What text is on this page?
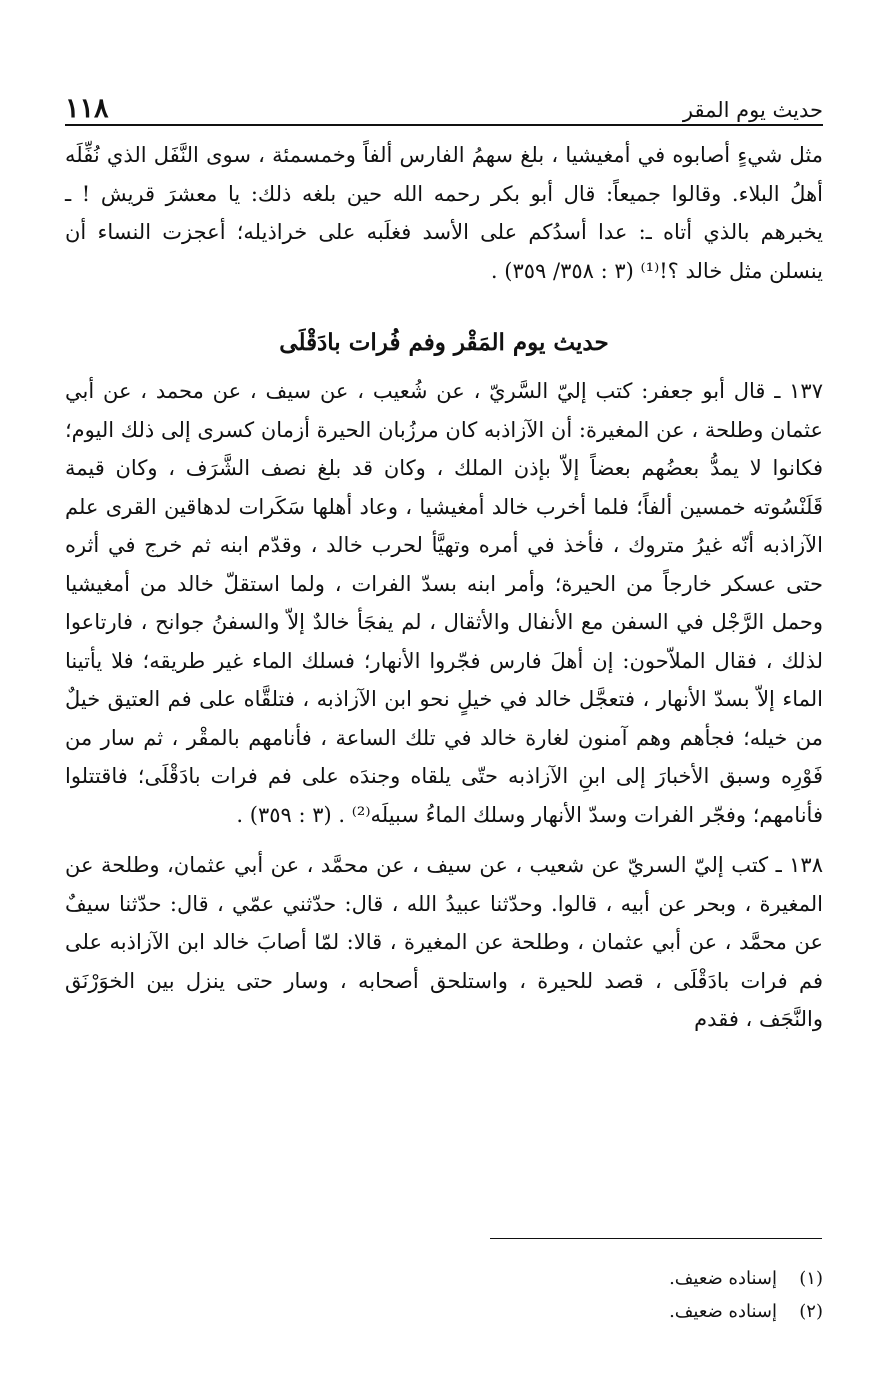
حديث يوم المقر
١١٨

مثل شيءٍ أصابوه في أمغيشيا ، بلغ سهمُ الفارس ألفاً وخمسمئة ، سوى النَّفَل الذي نُفِّلَه أهلُ البلاء. وقالوا جميعاً: قال أبو بكر رحمه الله حين بلغه ذلك: يا معشرَ قريش ! ـ يخبرهم بالذي أتاه ـ: عدا أسدُكم على الأسد فغلَبه على خراذيله؛ أعجزت النساء أن ينسلن مثل خالد ؟!⁽¹⁾ (٣ : ٣٥٨/ ٣٥٩) .

حديث يوم المَقْر وفم فُرات بادَقْلَى

١٣٧ ـ قال أبو جعفر: كتب إليّ السَّريّ ، عن شُعيب ، عن سيف ، عن محمد ، عن أبي عثمان وطلحة ، عن المغيرة: أن الآزاذبه كان مرزُبان الحيرة أزمان كسرى إلى ذلك اليوم؛ فكانوا لا يمدُّ بعضُهم بعضاً إلاّ بإذن الملك ، وكان قد بلغ نصف الشَّرَف ، وكان قيمة قَلَنْسُوته خمسين ألفاً؛ فلما أخرب خالد أمغيشيا ، وعاد أهلها سَكَرات لدهاقين القرى علم الآزاذبه أنّه غيرُ متروك ، فأخذ في أمره وتهيَّأ لحرب خالد ، وقدّم ابنه ثم خرج في أثره حتى عسكر خارجاً من الحيرة؛ وأمر ابنه بسدّ الفرات ، ولما استقلّ خالد من أمغيشيا وحمل الرَّجْل في السفن مع الأنفال والأثقال ، لم يفجَأ خالدٌ إلاّ والسفنُ جوانح ، فارتاعوا لذلك ، فقال الملاّحون: إن أهلَ فارس فجّروا الأنهار؛ فسلك الماء غير طريقه؛ فلا يأتينا الماء إلاّ بسدّ الأنهار ، فتعجَّل خالد في خيلٍ نحو ابن الآزاذبه ، فتلقَّاه على فم العتيق خيلٌ من خيله؛ فجأهم وهم آمنون لغارة خالد في تلك الساعة ، فأنامهم بالمقْر ، ثم سار من فَوْرِه وسبق الأخبارَ إلى ابنِ الآزاذبه حتّى يلقاه وجندَه على فم فرات بادَقْلَى؛ فاقتتلوا فأنامهم؛ وفجّر الفرات وسدّ الأنهار وسلك الماءُ سبيلَه⁽²⁾ . (٣ : ٣٥٩) .

١٣٨ ـ كتب إليّ السريّ عن شعيب ، عن سيف ، عن محمَّد ، عن أبي عثمان، وطلحة عن المغيرة ، وبحر عن أبيه ، قالوا. وحدّثنا عبيدُ الله ، قال: حدّثني عمّي ، قال: حدّثنا سيفٌ عن محمَّد ، عن أبي عثمان ، وطلحة عن المغيرة ، قالا: لمّا أصابَ خالد ابن الآزاذبه على فم فرات بادَقْلَى ، قصد للحيرة ، واستلحق أصحابه ، وسار حتى ينزل بين الخوَرْنَق والنَّجَف ، فقدم

(١)
إسناده ضعيف.
(٢)
إسناده ضعيف.
